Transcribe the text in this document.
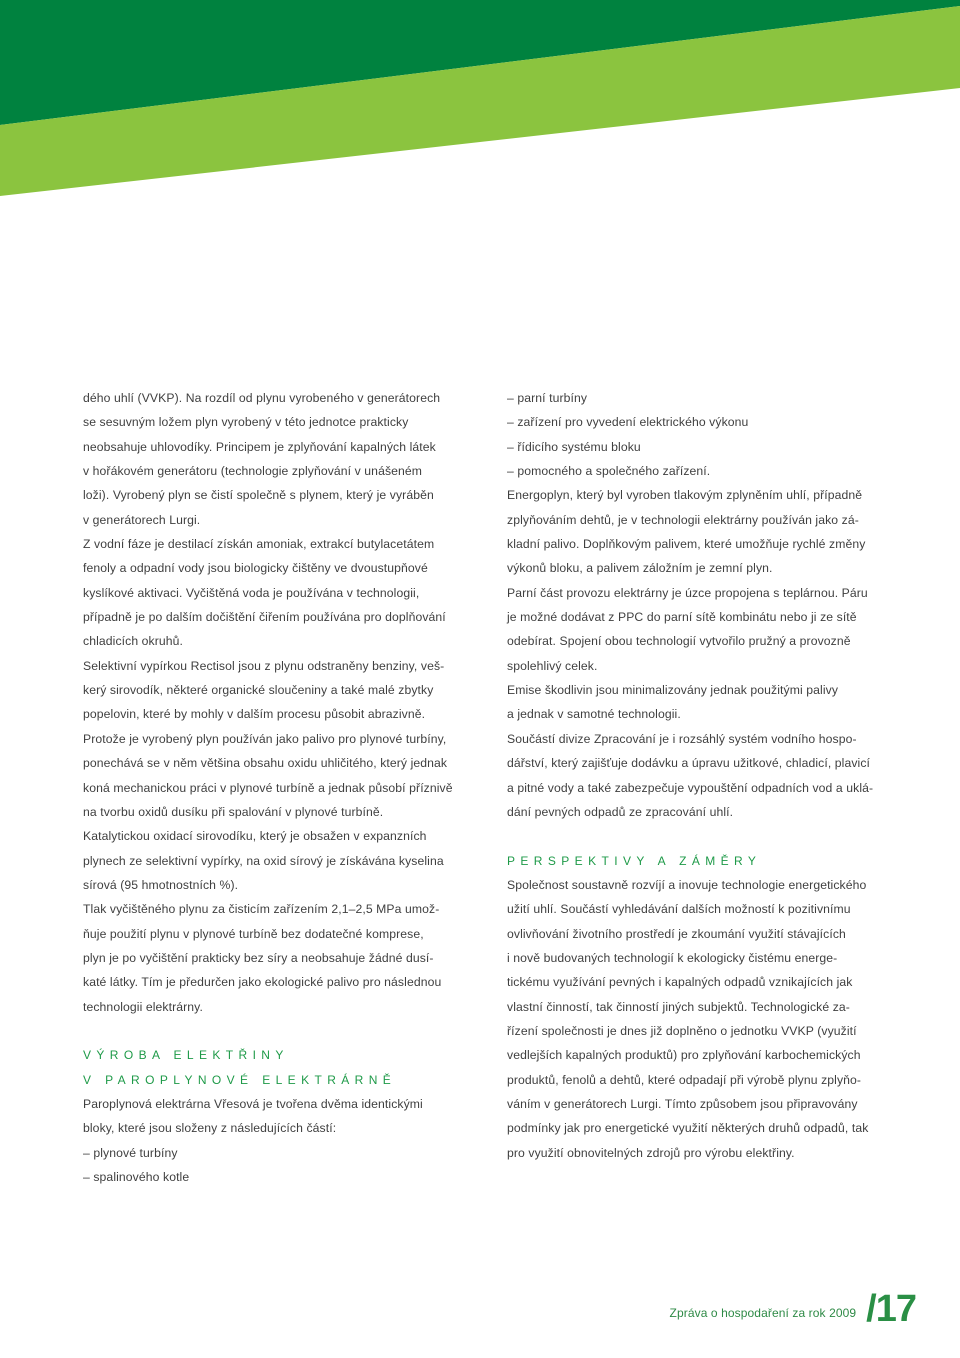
dého uhlí (VVKP). Na rozdíl od plynu vyrobeného v generátorech

se sesuvným ložem plyn vyrobený v této jednotce prakticky

neobsahuje uhlovodíky. Principem je zplyňování kapalných látek

v hořákovém generátoru (technologie zplyňování v unášeném

loži). Vyrobený plyn se čistí společně s plynem, který je vyráběn

v generátorech Lurgi.

Z vodní fáze je destilací získán amoniak, extrakcí butylacetátem

fenoly a odpadní vody jsou biologicky čištěny ve dvoustupňové

kyslíkové aktivaci. Vyčištěná voda je používána v technologii,

případně je po dalším dočištění čiřením používána pro doplňování

chladicích okruhů.

Selektivní vypírkou Rectisol jsou z plynu odstraněny benziny, veš-

kerý sirovodík, některé organické sloučeniny a také malé zbytky

popelovin, které by mohly v dalším procesu působit abrazivně.

Protože je vyrobený plyn používán jako palivo pro plynové turbíny,

ponechává se v něm většina obsahu oxidu uhličitého, který jednak

koná mechanickou práci v plynové turbíně a jednak působí příznivě

na tvorbu oxidů dusíku při spalování v plynové turbíně.

Katalytickou oxidací sirovodíku, který je obsažen v expanzních

plynech ze selektivní vypírky, na oxid sírový je získávána kyselina

sírová (95 hmotnostních %).

Tlak vyčištěného plynu za čisticím zařízením 2,1–2,5 MPa umož-

ňuje použití plynu v plynové turbíně bez dodatečné komprese,

plyn je po vyčištění prakticky bez síry a neobsahuje žádné dusí-

katé látky. Tím je předurčen jako ekologické palivo pro následnou

technologii elektrárny.

VÝROBA ELEKTŘINY

V PAROPLYNOVÉ ELEKTRÁRNĚ

Paroplynová elektrárna Vřesová je tvořena dvěma identickými

bloky, které jsou složeny z následujících částí:

– plynové turbíny

– spalinového kotle

– parní turbíny

– zařízení pro vyvedení elektrického výkonu

– řídicího systému bloku

– pomocného a společného zařízení.

Energoplyn, který byl vyroben tlakovým zplyněním uhlí, případně

zplyňováním dehtů, je v technologii elektrárny používán jako zá-

kladní palivo. Doplňkovým palivem, které umožňuje rychlé změny

výkonů bloku, a palivem záložním je zemní plyn.

Parní část provozu elektrárny je úzce propojena s teplárnou. Páru

je možné dodávat z PPC do parní sítě kombinátu nebo ji ze sítě

odebírat. Spojení obou technologií vytvořilo pružný a provozně

spolehlivý celek.

Emise škodlivin jsou minimalizovány jednak použitými palivy

a jednak v samotné technologii.

Součástí divize Zpracování je i rozsáhlý systém vodního hospo-

dářství, který zajišťuje dodávku a úpravu užitkové, chladicí, plavicí

a pitné vody a také zabezpečuje vypouštění odpadních vod a uklá-

dání pevných odpadů ze zpracování uhlí.

PERSPEKTIVY A ZÁMĚRY

Společnost soustavně rozvíjí a inovuje technologie energetického

užití uhlí. Součástí vyhledávání dalších možností k pozitivnímu

ovlivňování životního prostředí je zkoumání využití stávajících

i nově budovaných technologií k ekologicky čistému energe-

tickému využívání pevných i kapalných odpadů vznikajících jak

vlastní činností, tak činností jiných subjektů. Technologické za-

řízení společnosti je dnes již doplněno o jednotku VVKP (využití

vedlejších kapalných produktů) pro zplyňování karbochemických

produktů, fenolů a dehtů, které odpadají při výrobě plynu zplyňo-

váním v generátorech Lurgi. Tímto způsobem jsou připravovány

podmínky jak pro energetické využití některých druhů odpadů, tak

pro využití obnovitelných zdrojů pro výrobu elektřiny.

Zpráva o hospodaření za rok 2009 /17
